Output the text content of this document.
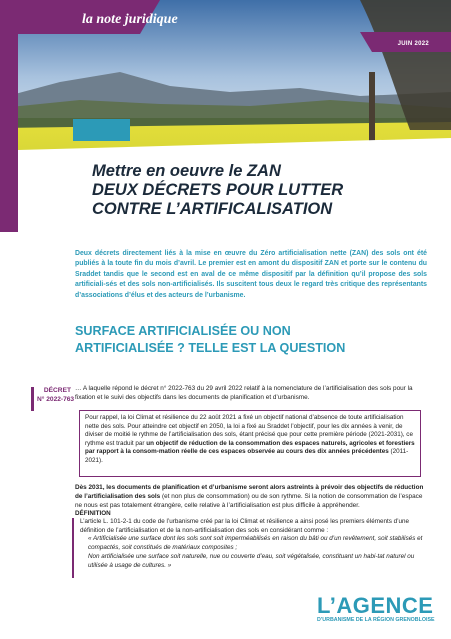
la note juridique
JUIN 2022
Mettre en oeuvre le ZAN
DEUX DÉCRETS POUR LUTTER
CONTRE L’ARTIFICALISATION
Deux décrets directement liés à la mise en œuvre du Zéro artificialisation nette (ZAN) des sols ont été publiés à la toute fin du mois d’avril. Le premier est en amont du dispositif ZAN et porte sur le contenu du Sraddet tandis que le second est en aval de ce même dispositif par la définition qu’il propose des sols artificiali-sés et des sols non-artificialisés. Ils suscitent tous deux le regard très critique des représentants d’associations d’élus et des acteurs de l’urbanisme.
SURFACE ARTIFICIALISÉE OU NON ARTIFICIALISÉE ? TELLE EST LA QUESTION
DÉCRET
N° 2022-763
… A laquelle répond le décret n° 2022-763 du 29 avril 2022 relatif à la nomenclature de l’artificialisation des sols pour la fixation et le suivi des objectifs dans les documents de planification et d’urbanisme.
Pour rappel, la loi Climat et résilience du 22 août 2021 a fixé un objectif national d’absence de toute artificialisation nette des sols. Pour atteindre cet objectif en 2050, la loi a fixé au Sraddet l’objectif, pour les dix années à venir, de diviser de moitié le rythme de l’artificialisation des sols, étant précisé que pour cette première période (2021-2031), ce rythme est traduit par un objectif de réduction de la consommation des espaces naturels, agricoles et forestiers par rapport à la consom-mation réelle de ces espaces observée au cours des dix années précédentes (2011-2021).
Dès 2031, les documents de planification et d’urbanisme seront alors astreints à prévoir des objectifs de réduction de l’artificialisation des sols (et non plus de consommation) ou de son rythme. Si la notion de consommation de l’espace ne nous est pas totalement étrangère, celle relative à l’artificialisation est plus difficile à appréhender.
DÉFINITION
L’article L. 101-2-1 du code de l’urbanisme créé par la loi Climat et résilience a ainsi posé les premiers éléments d’une définition de l’artificialisation et de la non-artificialisation des sols en considérant comme :
« Artificialisée une surface dont les sols sont soit imperméabilisés en raison du bâti ou d’un revêtement, soit stabilisés et compactés, soit constitués de matériaux composites ;
Non artificialisée une surface soit naturelle, nue ou couverte d’eau, soit végétalisée, constituant un habi-tat naturel ou utilisée à usage de cultures. »
L’AGENCE
D’URBANISME DE LA RÉGION GRENOBLOISE
